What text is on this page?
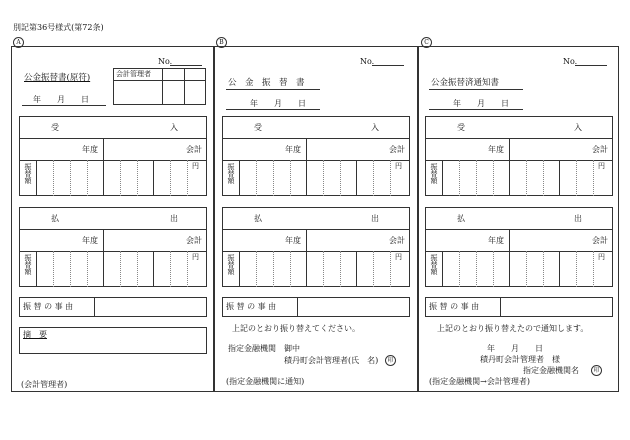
別記第36号様式(第72条)
A	B	C
No.
公金振替書(原符)	会計管理者
年　　月　　日
受	入
年度	会計
振替額	円
払	出
年度	会計
振替額	円
振 替 の 事 由
摘　要
(会計管理者)
No.
公　金　振　替　書
年　　月　　日
受	入
年度	会計
振替額	円
払	出
年度	会計
振替額	円
振 替 の 事 由
上記のとおり振り替えてください。
指定金融機関　御中
積丹町会計管理者(氏　名)	印
(指定金融機関に通知)
No.
公金振替済通知書
年　　月　　日
受	入
年度	会計
振替額	円
払	出
年度	会計
振替額	円
振 替 の 事 由
上記のとおり振り替えたので通知します。
年　　月　　日
積丹町会計管理者　様
指定金融機関名	印
(指定金融機関→会計管理者)
